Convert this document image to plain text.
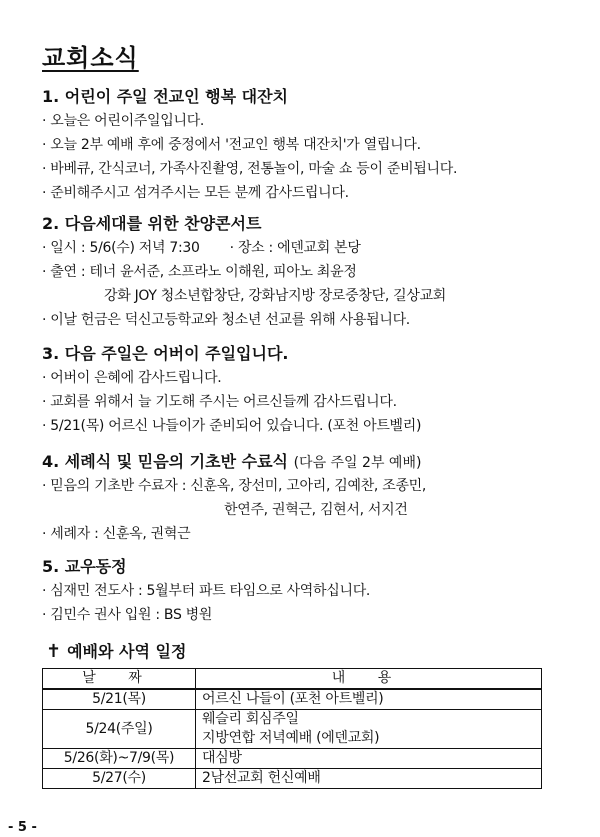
교회소식
1. 어린이 주일 전교인 행복 대잔치
· 오늘은 어린이주일입니다.
· 오늘 2부 예배 후에 중정에서 '전교인 행복 대잔치'가 열립니다.
· 바베큐, 간식코너, 가족사진촬영, 전통놀이, 마술 쇼 등이 준비됩니다.
· 준비해주시고 섬겨주시는 모든 분께 감사드립니다.
2. 다음세대를 위한 찬양콘서트
· 일시 : 5/6(수) 저녁 7:30 · 장소 : 에덴교회 본당
· 출연 : 테너 윤서준, 소프라노 이해원, 피아노 최윤정
강화 JOY 청소년합창단, 강화남지방 장로중창단, 길상교회
· 이날 헌금은 덕신고등학교와 청소년 선교를 위해 사용됩니다.
3. 다음 주일은 어버이 주일입니다.
· 어버이 은혜에 감사드립니다.
· 교회를 위해서 늘 기도해 주시는 어르신들께 감사드립니다.
· 5/21(목) 어르신 나들이가 준비되어 있습니다. (포천 아트벨리)
4. 세례식 및 믿음의 기초반 수료식 (다음 주일 2부 예배)
· 믿음의 기초반 수료자 : 신훈옥, 장선미, 고아리, 김예찬, 조종민,
한연주, 권혁근, 김현서, 서지건
· 세례자 : 신훈옥, 권혁근
5. 교우동정
· 심재민 전도사 : 5월부터 파트 타임으로 사역하십니다.
· 김민수 권사 입원 : BS 병원
✝ 예배와 사역 일정
날 짜	내 용
5/21(목)	어르신 나들이 (포천 아트벨리)
5/24(주일)	웨슬리 회심주일
지방연합 저녁예배 (에덴교회)

5/26(화)~7/9(목)	대심방
5/27(수)	2남선교회 헌신예배
- 5 -
